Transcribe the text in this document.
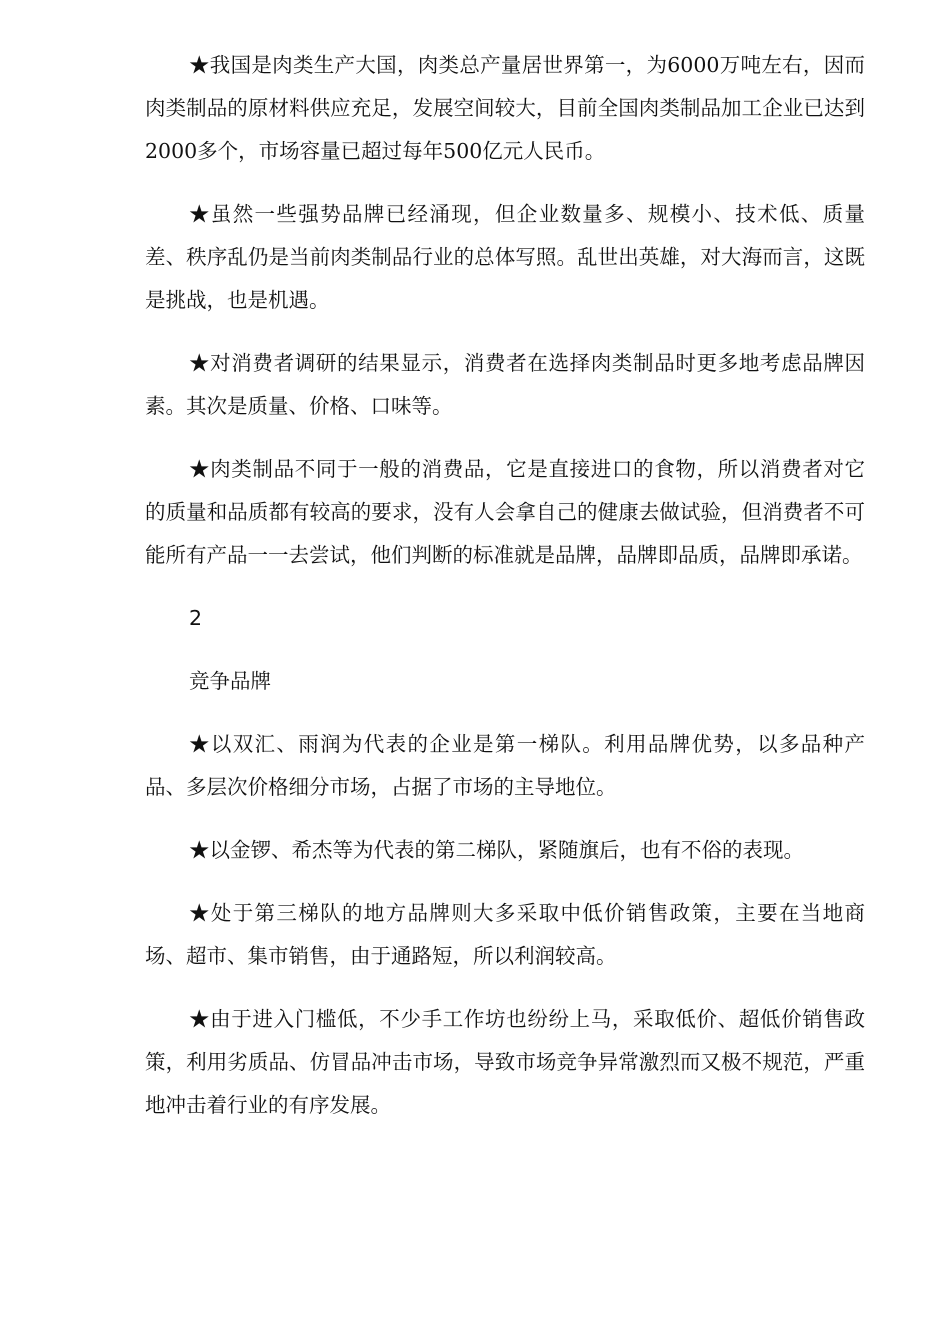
★我国是肉类生产大国，肉类总产量居世界第一，为6000万吨左右，因而肉类制品的原材料供应充足，发展空间较大，目前全国肉类制品加工企业已达到2000多个，市场容量已超过每年500亿元人民币。

★虽然一些强势品牌已经涌现，但企业数量多、规模小、技术低、质量差、秩序乱仍是当前肉类制品行业的总体写照。乱世出英雄，对大海而言，这既是挑战，也是机遇。

★对消费者调研的结果显示，消费者在选择肉类制品时更多地考虑品牌因素。其次是质量、价格、口味等。

★肉类制品不同于一般的消费品，它是直接进口的食物，所以消费者对它的质量和品质都有较高的要求，没有人会拿自己的健康去做试验，但消费者不可能所有产品一一去尝试，他们判断的标准就是品牌，品牌即品质，品牌即承诺。

2

竞争品牌

★以双汇、雨润为代表的企业是第一梯队。利用品牌优势，以多品种产品、多层次价格细分市场，占据了市场的主导地位。

★以金锣、希杰等为代表的第二梯队，紧随旗后，也有不俗的表现。

★处于第三梯队的地方品牌则大多采取中低价销售政策，主要在当地商场、超市、集市销售，由于通路短，所以利润较高。

★由于进入门槛低，不少手工作坊也纷纷上马，采取低价、超低价销售政策，利用劣质品、仿冒品冲击市场，导致市场竞争异常激烈而又极不规范，严重地冲击着行业的有序发展。
